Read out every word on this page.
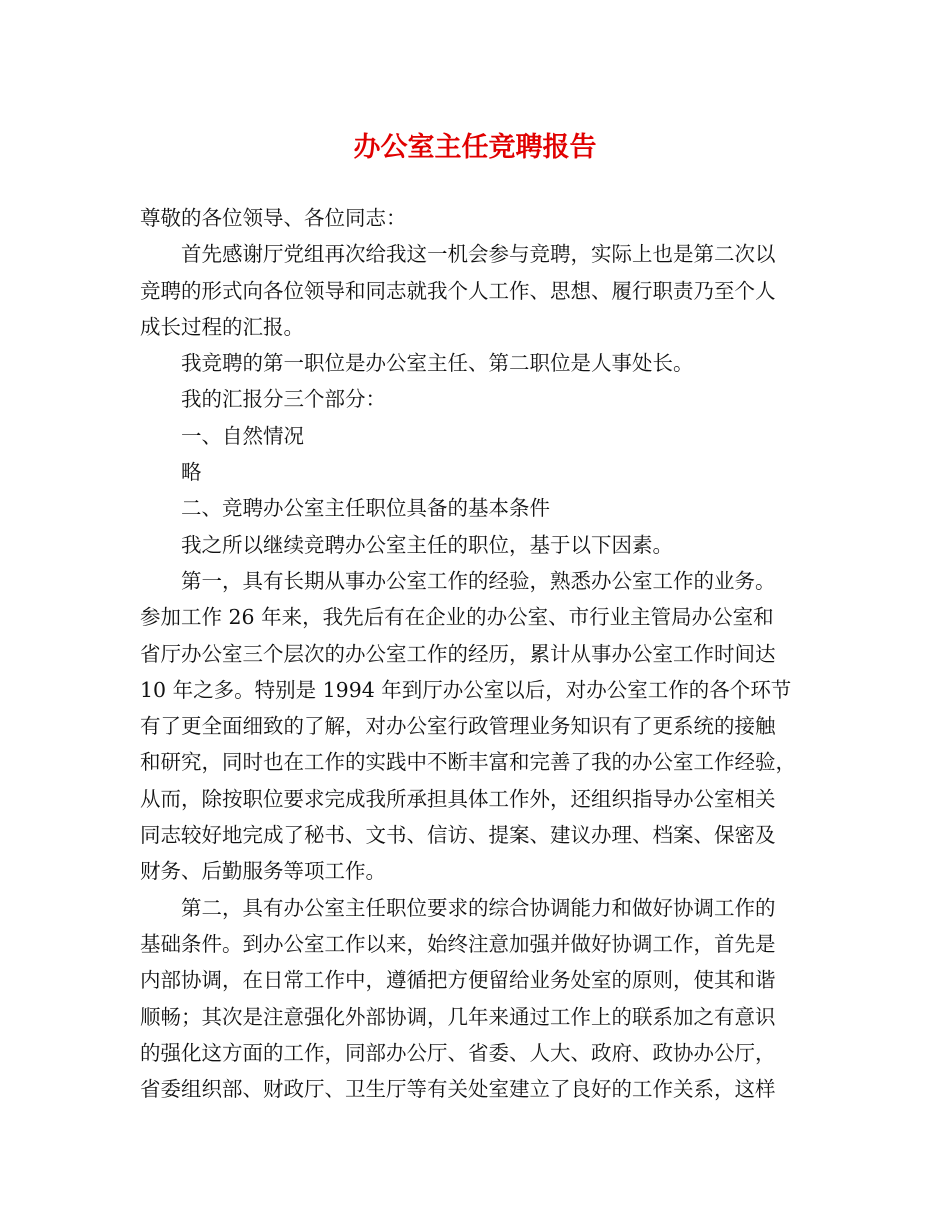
办公室主任竞聘报告
尊敬的各位领导、各位同志：
首先感谢厅党组再次给我这一机会参与竞聘，实际上也是第二次以
竞聘的形式向各位领导和同志就我个人工作、思想、履行职责乃至个人
成长过程的汇报。
我竞聘的第一职位是办公室主任、第二职位是人事处长。
我的汇报分三个部分：
一、自然情况
略
二、竞聘办公室主任职位具备的基本条件
我之所以继续竞聘办公室主任的职位，基于以下因素。
第一，具有长期从事办公室工作的经验，熟悉办公室工作的业务。
参加工作 26 年来，我先后有在企业的办公室、市行业主管局办公室和
省厅办公室三个层次的办公室工作的经历，累计从事办公室工作时间达
10 年之多。特别是 1994 年到厅办公室以后，对办公室工作的各个环节
有了更全面细致的了解，对办公室行政管理业务知识有了更系统的接触
和研究，同时也在工作的实践中不断丰富和完善了我的办公室工作经验，
从而，除按职位要求完成我所承担具体工作外，还组织指导办公室相关
同志较好地完成了秘书、文书、信访、提案、建议办理、档案、保密及
财务、后勤服务等项工作。
第二，具有办公室主任职位要求的综合协调能力和做好协调工作的
基础条件。到办公室工作以来，始终注意加强并做好协调工作，首先是
内部协调，在日常工作中，遵循把方便留给业务处室的原则，使其和谐
顺畅；其次是注意强化外部协调，几年来通过工作上的联系加之有意识
的强化这方面的工作，同部办公厅、省委、人大、政府、政协办公厅，
省委组织部、财政厅、卫生厅等有关处室建立了良好的工作关系，这样
